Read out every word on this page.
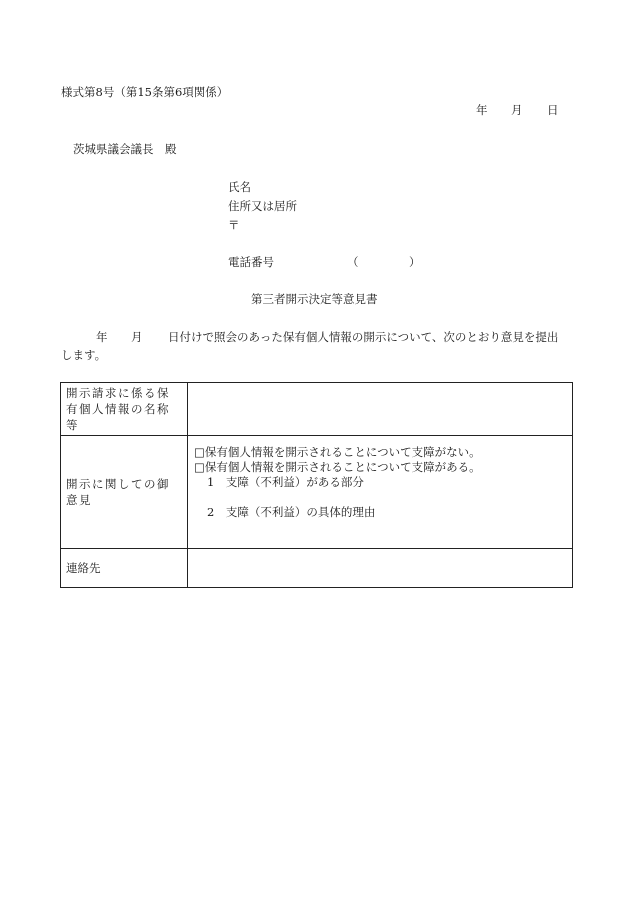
様式第8号（第15条第6項関係）
年 月 日
茨城県議会議長　殿
氏名
住所又は居所
〒
電話番号	（	）
第三者開示決定等意見書
年 月 日付けで照会のあった保有個人情報の開示について、次のとおり意見を提出
します。
開示請求に係る保有個人情報の名称等	
開示に関しての御意見	□保有個人情報を開示されることについて支障がない。
□保有個人情報を開示されることについて支障がある。
1　支障（不利益）がある部分
2　支障（不利益）の具体的理由

連絡先	
